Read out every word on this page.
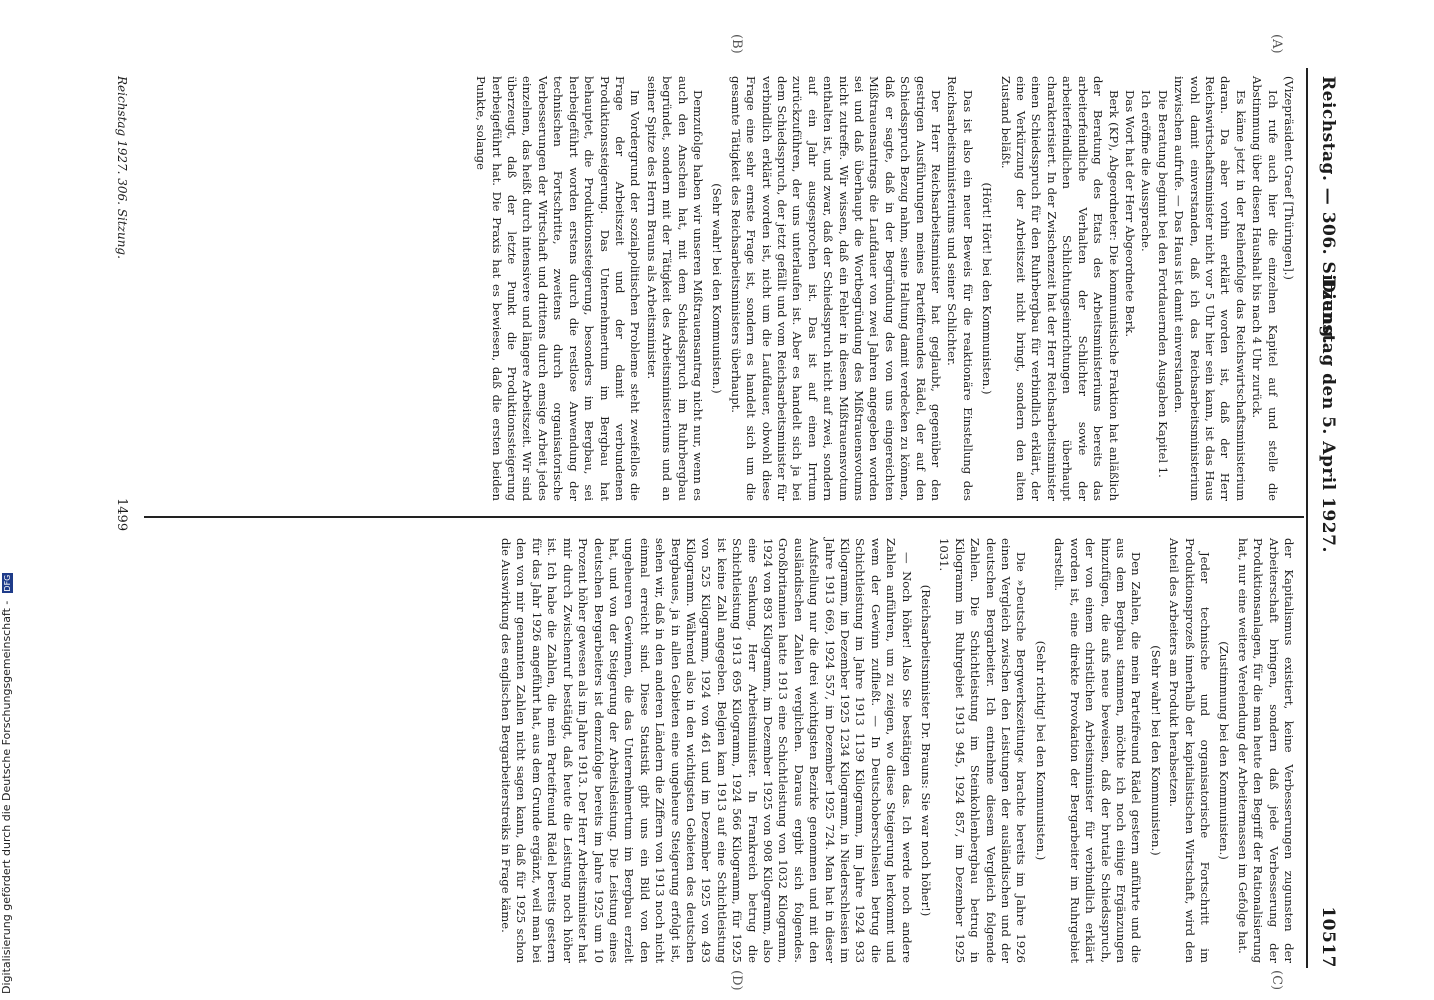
Reichstag. — 306. Sitzung.
Dienstag den 5. April 1927.
10517
(A)
(B)
(C)
(D)

(Vizepräsident Graef [Thüringen].)

Ich rufe auch hier die einzelnen Kapitel auf und stelle die Abstimmung über diesen Haushalt bis nach 4 Uhr zurück.

Es käme jetzt in der Reihenfolge das Reichswirtschaftsministerium daran. Da aber vorhin erklärt worden ist, daß der Herr Reichswirtschaftsminister nicht vor 5 Uhr hier sein kann, ist das Haus wohl damit einverstanden, daß ich das Reichsarbeitsministerium inzwischen aufrufe. — Das Haus ist damit einverstanden.

Die Beratung beginnt bei den Fortdauernden Ausgaben Kapitel 1.

Ich eröffne die Aussprache.

Das Wort hat der Herr Abgeordnete Berk.

Berk (KP), Abgeordneter: Die kommunistische Fraktion hat anläßlich der Beratung des Etats des Arbeitsministeriums bereits das arbeiterfeindliche Verhalten der Schlichter sowie der arbeiterfeindlichen Schlichtungseinrichtungen überhaupt charakterisiert. In der Zwischenzeit hat der Herr Reichsarbeitsminister einen Schiedsspruch für den Ruhrbergbau für verbindlich erklärt, der eine Verkürzung der Arbeitszeit nicht bringt, sondern den alten Zustand beläßt.

(Hört! Hört! bei den Kommunisten.)

Das ist also ein neuer Beweis für die reaktionäre Einstellung des Reichsarbeitsministeriums und seiner Schlichter.

Der Herr Reichsarbeitsminister hat geglaubt, gegenüber den gestrigen Ausführungen meines Parteifreundes Rädel, der auf den Schiedsspruch Bezug nahm, seine Haltung damit verdecken zu können, daß er sagte, daß in der Begründung des von uns eingereichten Mißtrauensantrags die Laufdauer von zwei Jahren angegeben worden sei und daß überhaupt die Wortbegründung des Mißtrauensvotums nicht zutreffe. Wir wissen, daß ein Fehler in diesem Mißtrauensvotum enthalten ist, und zwar, daß der Schiedsspruch nicht auf zwei, sondern auf ein Jahr ausgesprochen ist. Das ist auf einen Irrtum zurückzuführen, der uns unterlaufen ist. Aber es handelt sich ja bei dem Schiedsspruch, der jetzt gefällt und vom Reichsarbeitsminister für verbindlich erklärt worden ist, nicht um die Laufdauer, obwohl diese Frage eine sehr ernste Frage ist, sondern es handelt sich um die gesamte Tätigkeit des Reichsarbeitsministers überhaupt.

(Sehr wahr! bei den Kommunisten.)

Demzufolge haben wir unseren Mißtrauensantrag nicht nur, wenn es auch den Anschein hat, mit dem Schiedsspruch im Ruhrbergbau begründet, sondern mit der Tätigkeit des Arbeitsministeriums und an seiner Spitze des Herrn Brauns als Arbeitsminister.

Im Vordergrund der sozialpolitischen Probleme steht zweifellos die Frage der Arbeitszeit und der damit verbundenen Produktionssteigerung. Das Unternehmertum im Bergbau hat behauptet, die Produktionssteigerung, besonders im Bergbau, sei herbeigeführt worden erstens durch die restlose Anwendung der technischen Fortschritte, zweitens durch organisatorische Verbesserungen der Wirtschaft und drittens durch emsige Arbeit jedes einzelnen, das heißt durch intensivere und längere Arbeitszeit. Wir sind überzeugt, daß der letzte Punkt die Produktionssteigerung herbeigeführt hat. Die Praxis hat es bewiesen, daß die ersten beiden Punkte, solange

der Kapitalismus existiert, keine Verbesserungen zugunsten der Arbeiterschaft bringen, sondern daß jede Verbesserung der Produktionsanlagen, für die man heute den Begriff der Rationalisierung hat, nur eine weitere Verelendung der Arbeitermassen im Gefolge hat.

(Zustimmung bei den Kommunisten.)

Jeder technische und organisatorische Fortschritt im Produktionsprozeß innerhalb der kapitalistischen Wirtschaft, wird den Anteil des Arbeiters am Produkt herabsetzen.

(Sehr wahr! bei den Kommunisten.)

Den Zahlen, die mein Parteifreund Rädel gestern anführte und die aus dem Bergbau stammen, möchte ich noch einige Ergänzungen hinzufügen, die aufs neue beweisen, daß der brutale Schiedsspruch, der von einem christlichen Arbeitsminister für verbindlich erklärt worden ist, eine direkte Provokation der Bergarbeiter im Ruhrgebiet darstellt.

(Sehr richtig! bei den Kommunisten.)

Die »Deutsche Bergwerkszeitung« brachte bereits im Jahre 1926 einen Vergleich zwischen den Leistungen der ausländischen und der deutschen Bergarbeiter. Ich entnehme diesem Vergleich folgende Zahlen. Die Schichtleistung im Steinkohlenbergbau betrug in Kilogramm im Ruhrgebiet 1913 945, 1924 857, im Dezember 1925 1031.

(Reichsarbeitsminister Dr. Brauns: Sie war noch höher!)

— Noch höher! Also Sie bestätigen das. Ich werde noch andere Zahlen anführen, um zu zeigen, wo diese Steigerung herkommt und wem der Gewinn zufließt. — In Deutschoberschlesien betrug die Schichtleistung im Jahre 1913 1139 Kilogramm, im Jahre 1924 933 Kilogramm, im Dezember 1925 1234 Kilogramm, in Niederschlesien im Jahre 1913 669, 1924 557, im Dezember 1925 724. Man hat in dieser Aufstellung nur die drei wichtigsten Bezirke genommen und mit den ausländischen Zahlen verglichen. Daraus ergibt sich folgendes. Großbritannien hatte 1913 eine Schichtleistung von 1032 Kilogramm, 1924 von 893 Kilogramm, im Dezember 1925 von 908 Kilogramm, also eine Senkung, Herr Arbeitsminister. In Frankreich betrug die Schichtleistung 1913 695 Kilogramm, 1924 566 Kilogramm, für 1925 ist keine Zahl angegeben. Belgien kam 1913 auf eine Schichtleistung von 525 Kilogramm, 1924 von 461 und im Dezember 1925 von 493 Kilogramm. Während also in den wichtigsten Gebieten des deutschen Bergbaues, ja in allen Gebieten eine ungeheure Steigerung erfolgt ist, sehen wir, daß in den anderen Ländern die Ziffern von 1913 noch nicht einmal erreicht sind. Diese Statistik gibt uns ein Bild von den ungeheuren Gewinnen, die das Unternehmertum im Bergbau erzielt hat, und von der Steigerung der Arbeitsleistung. Die Leistung eines deutschen Bergarbeiters ist demzufolge bereits im Jahre 1925 um 10 Prozent höher gewesen als im Jahre 1913. Der Herr Arbeitsminister hat mir durch Zwischenruf bestätigt, daß heute die Leistung noch höher ist. Ich habe die Zahlen, die mein Parteifreund Rädel bereits gestern für das Jahr 1926 angeführt hat, aus dem Grunde ergänzt, weil man bei den von mir genannten Zahlen nicht sagen kann, daß für 1925 schon die Auswirkung des englischen Bergarbeiterstreiks in Frage käme.

Reichstag 1927. 306. Sitzung.
1499
Digitalisierung gefördert durch die Deutsche Forschungsgemeinschaft - DFG
